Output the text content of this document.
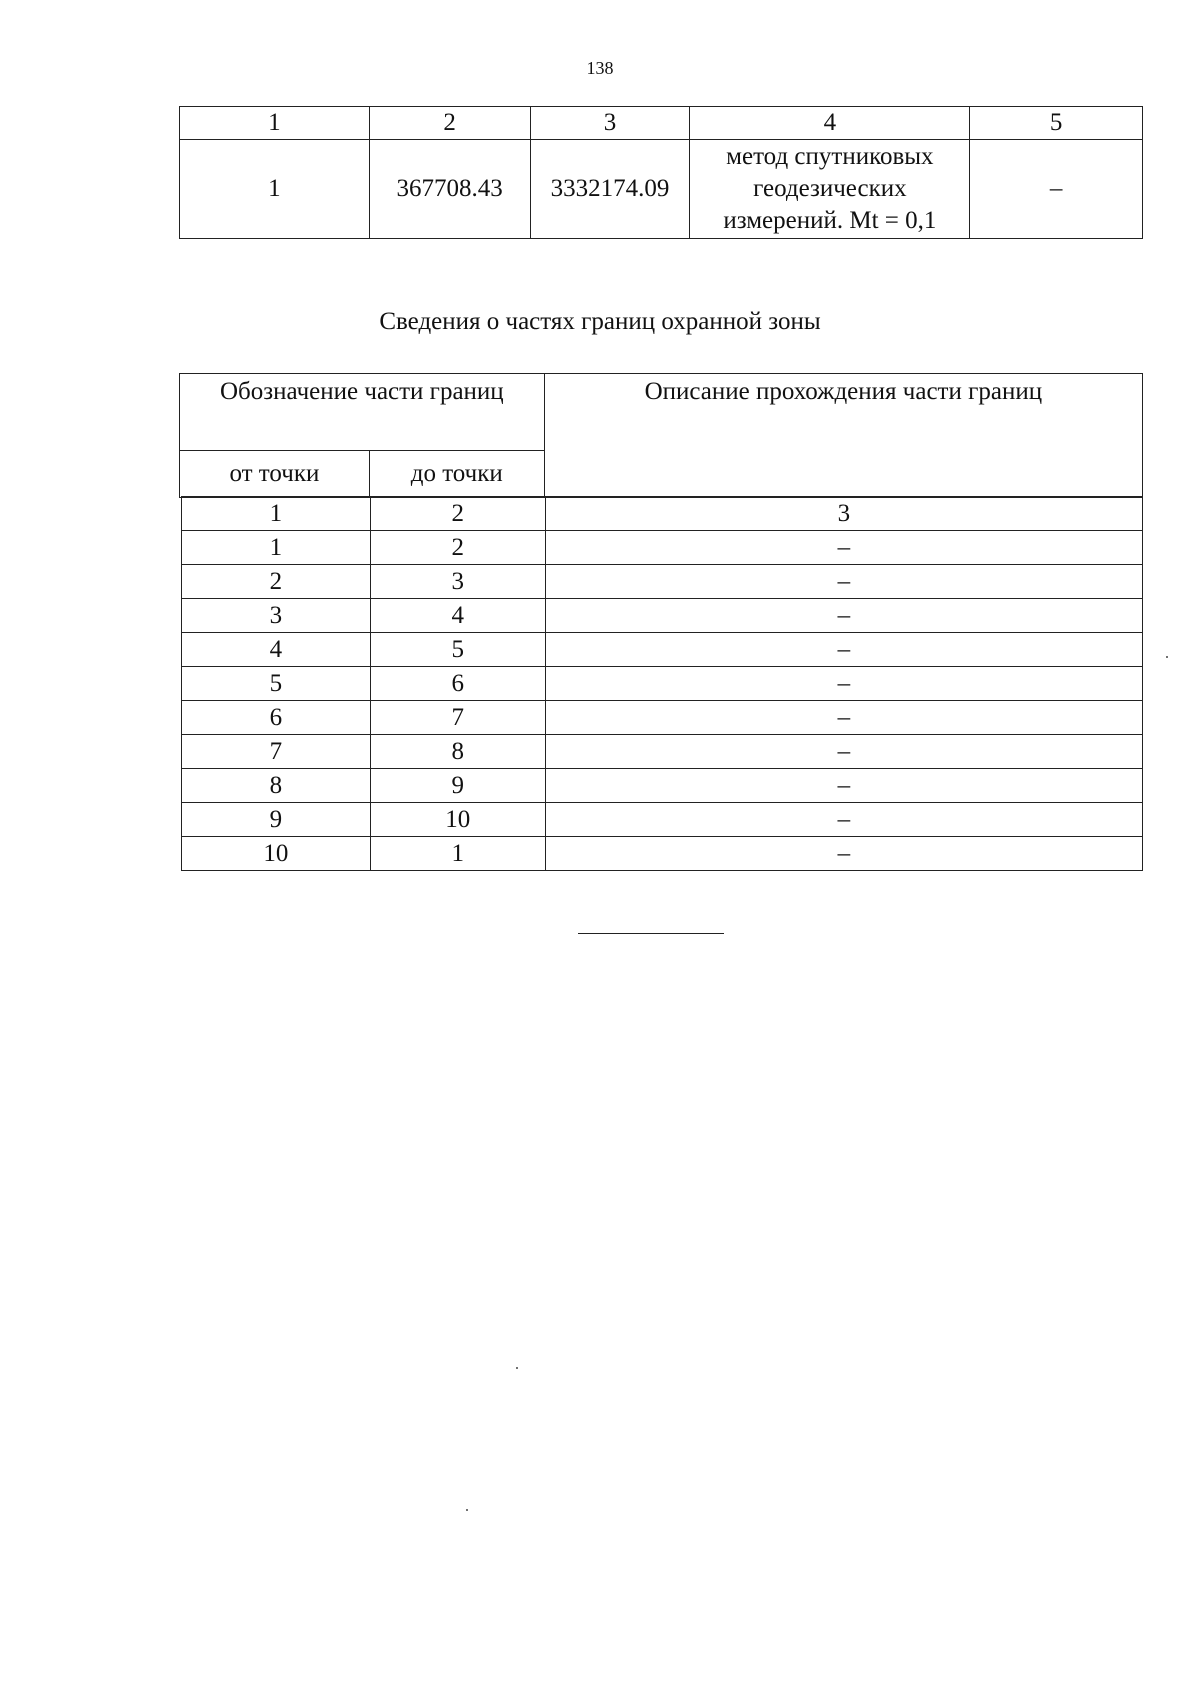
138
1	2	3	4	5
1	367708.43	3332174.09	метод спутниковых
геодезических
измерений. Mt = 0,1	–
Сведения о частях границ охранной зоны
Обозначение части границ		Описание прохождения части границ
от точки	до точки	
1	2	3
1	2	–
2	3	–
3	4	–
4	5	–
5	6	–
6	7	–
7	8	–
8	9	–
9	10	–
10	1	–
